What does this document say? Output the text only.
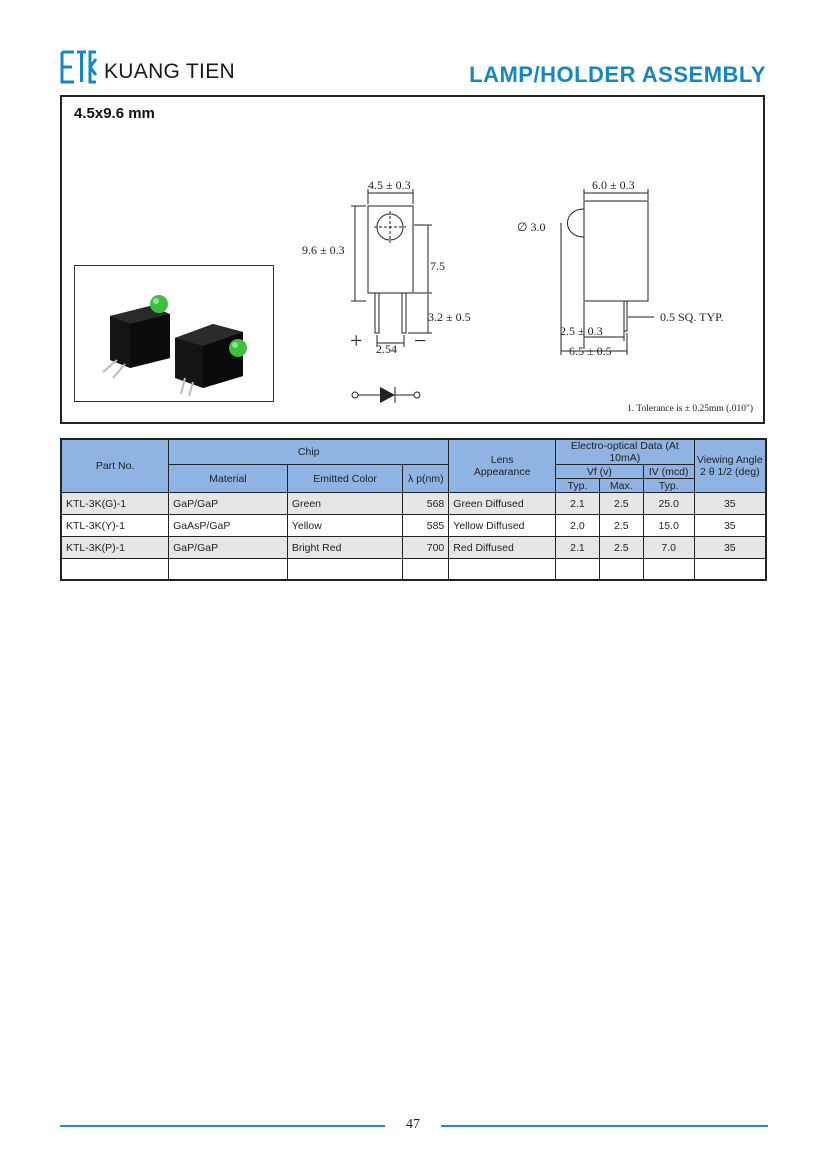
KUANG TIEN	LAMP/HOLDER ASSEMBLY
4.5x9.6 mm
4.5 ± 0.3
9.6 ± 0.3
7.5
3.2 ± 0.5
2.54
+ −
6.0 ± 0.3
∅ 3.0
2.5 ± 0.3
6.5 ± 0.5
0.5 SQ. TYP.
1. Tolerance is ± 0.25mm (.010")
Part No.	Chip			Lens
Appearance	Electro-optical Data (At 10mA)			Viewing Angle
2 θ 1/2 (deg)
	Material	Emitted Color	λ p(nm)		Vf (v)		IV (mcd)	
					Typ.	Max.	Typ.	
KTL-3K(G)-1	GaP/GaP	Green	568	Green Diffused	2.1	2.5	25.0	35
KTL-3K(Y)-1	GaAsP/GaP	Yellow	585	Yellow Diffused	2.0	2.5	15.0	35
KTL-3K(P)-1	GaP/GaP	Bright Red	700	Red Diffused	2.1	2.5	7.0	35

47
